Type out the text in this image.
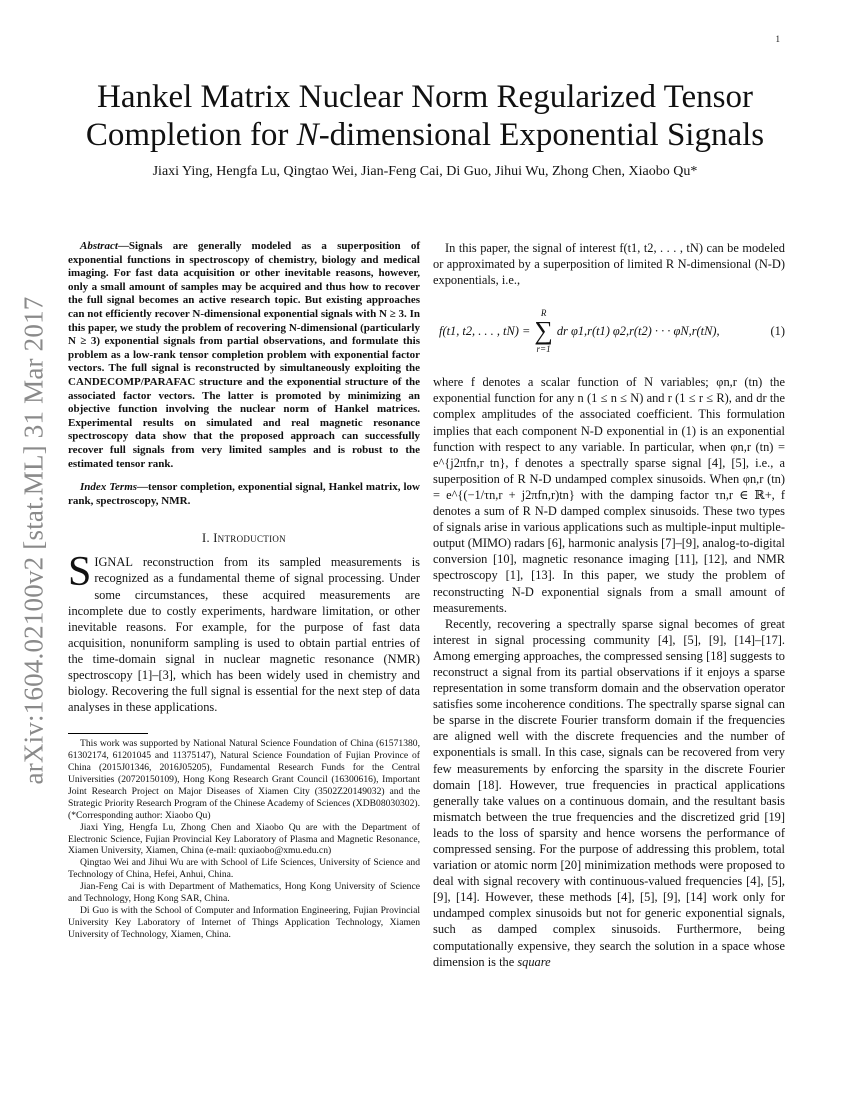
1
arXiv:1604.02100v2 [stat.ML] 31 Mar 2017
Hankel Matrix Nuclear Norm Regularized Tensor
Completion for N-dimensional Exponential Signals
Jiaxi Ying, Hengfa Lu, Qingtao Wei, Jian-Feng Cai, Di Guo, Jihui Wu, Zhong Chen, Xiaobo Qu*

Abstract—Signals are generally modeled as a superposition of exponential functions in spectroscopy of chemistry, biology and medical imaging. For fast data acquisition or other inevitable reasons, however, only a small amount of samples may be acquired and thus how to recover the full signal becomes an active research topic. But existing approaches can not efficiently recover N-dimensional exponential signals with N ≥ 3. In this paper, we study the problem of recovering N-dimensional (particularly N ≥ 3) exponential signals from partial observations, and formulate this problem as a low-rank tensor completion problem with exponential factor vectors. The full signal is reconstructed by simultaneously exploiting the CANDECOMP/PARAFAC structure and the exponential structure of the associated factor vectors. The latter is promoted by minimizing an objective function involving the nuclear norm of Hankel matrices. Experimental results on simulated and real magnetic resonance spectroscopy data show that the proposed approach can successfully recover full signals from very limited samples and is robust to the estimated tensor rank.

Index Terms—tensor completion, exponential signal, Hankel matrix, low rank, spectroscopy, NMR.

I. Introduction

SIGNAL reconstruction from its sampled measurements is recognized as a fundamental theme of signal processing. Under some circumstances, these acquired measurements are incomplete due to costly experiments, hardware limitation, or other inevitable reasons. For example, for the purpose of fast data acquisition, nonuniform sampling is used to obtain partial entries of the time-domain signal in nuclear magnetic resonance (NMR) spectroscopy [1]–[3], which has been widely used in chemistry and biology. Recovering the full signal is essential for the next step of data analyses in these applications.

This work was supported by National Natural Science Foundation of China (61571380, 61302174, 61201045 and 11375147), Natural Science Foundation of Fujian Province of China (2015J01346, 2016J05205), Fundamental Research Funds for the Central Universities (20720150109), Hong Kong Research Grant Council (16300616), Important Joint Research Project on Major Diseases of Xiamen City (3502Z20149032) and the Strategic Priority Research Program of the Chinese Academy of Sciences (XDB08030302).(*Corresponding author: Xiaobo Qu)

Jiaxi Ying, Hengfa Lu, Zhong Chen and Xiaobo Qu are with the Department of Electronic Science, Fujian Provincial Key Laboratory of Plasma and Magnetic Resonance, Xiamen University, Xiamen, China (e-mail: quxiaobo@xmu.edu.cn)

Qingtao Wei and Jihui Wu are with School of Life Sciences, University of Science and Technology of China, Hefei, Anhui, China.

Jian-Feng Cai is with Department of Mathematics, Hong Kong University of Science and Technology, Hong Kong SAR, China.

Di Guo is with the School of Computer and Information Engineering, Fujian Provincial University Key Laboratory of Internet of Things Application Technology, Xiamen University of Technology, Xiamen, China.

In this paper, the signal of interest f(t1, t2, . . . , tN) can be modeled or approximated by a superposition of limited R N-dimensional (N-D) exponentials, i.e.,

f(t1, t2, . . . , tN) =
R
∑
r=1
dr φ1,r(t1) φ2,r(t2) · · · φN,r(tN),	(1)

where f denotes a scalar function of N variables; φn,r (tn) the exponential function for any n (1 ≤ n ≤ N) and r (1 ≤ r ≤ R), and dr the complex amplitudes of the associated coefficient. This formulation implies that each component N-D exponential in (1) is an exponential function with respect to any variable. In particular, when φn,r (tn) = e^{j2πfn,r tn}, f denotes a spectrally sparse signal [4], [5], i.e., a superposition of R N-D undamped complex sinusoids. When φn,r (tn) = e^{(−1/τn,r + j2πfn,r)tn} with the damping factor τn,r ∈ ℝ+, f denotes a sum of R N-D damped complex sinusoids. These two types of signals arise in various applications such as multiple-input multiple-output (MIMO) radars [6], harmonic analysis [7]–[9], analog-to-digital conversion [10], magnetic resonance imaging [11], [12], and NMR spectroscopy [1], [13]. In this paper, we study the problem of reconstructing N-D exponential signals from a small amount of measurements.

Recently, recovering a spectrally sparse signal becomes of great interest in signal processing community [4], [5], [9], [14]–[17]. Among emerging approaches, the compressed sensing [18] suggests to reconstruct a signal from its partial observations if it enjoys a sparse representation in some transform domain and the observation operator satisfies some incoherence conditions. The spectrally sparse signal can be sparse in the discrete Fourier transform domain if the frequencies are aligned well with the discrete frequencies and the number of exponentials is small. In this case, signals can be recovered from very few measurements by enforcing the sparsity in the discrete Fourier domain [18]. However, true frequencies in practical applications generally take values on a continuous domain, and the resultant basis mismatch between the true frequencies and the discretized grid [19] leads to the loss of sparsity and hence worsens the performance of compressed sensing. For the purpose of addressing this problem, total variation or atomic norm [20] minimization methods were proposed to deal with signal recovery with continuous-valued frequencies [4], [5], [9], [14]. However, these methods [4], [5], [9], [14] work only for undamped complex sinusoids but not for generic exponential signals, such as damped complex sinusoids. Furthermore, being computationally expensive, they search the solution in a space whose dimension is the square
